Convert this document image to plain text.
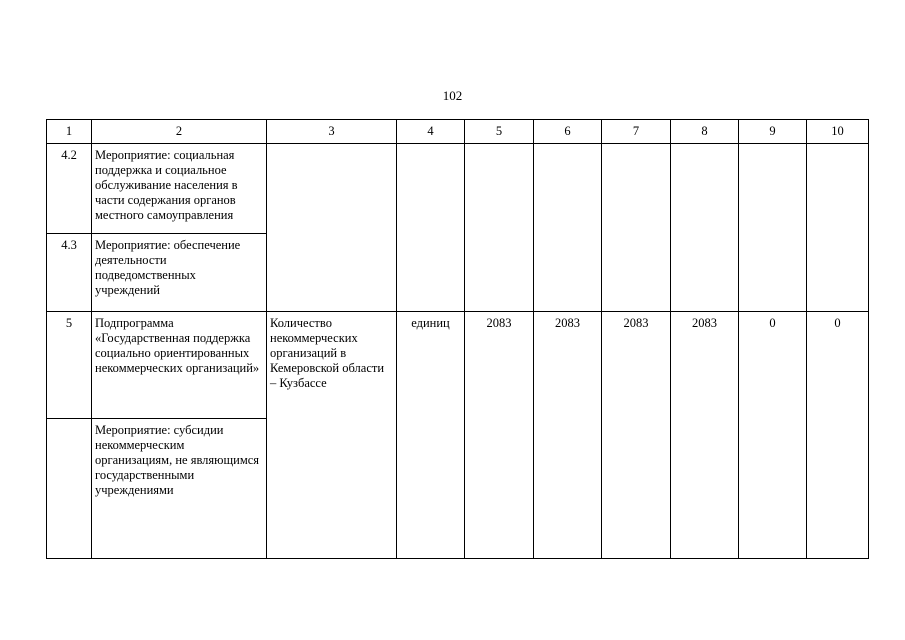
102
1	2	3	4	5	6	7	8	9	10
4.2	Мероприятие: социальная поддержка и социальное обслуживание населения в части содержания органов местного самоуправления								
4.3	Мероприятие: обеспечение деятельности подведомственных учреждений								
5	Подпрограмма «Государственная поддержка социально ориентированных некоммерческих организаций»	Количество некоммерческих организаций в Кемеровской области – Кузбассе	единиц	2083	2083	2083	2083	0	0
	Мероприятие: субсидии некоммерческим организациям, не являющимся государственными учреждениями								
